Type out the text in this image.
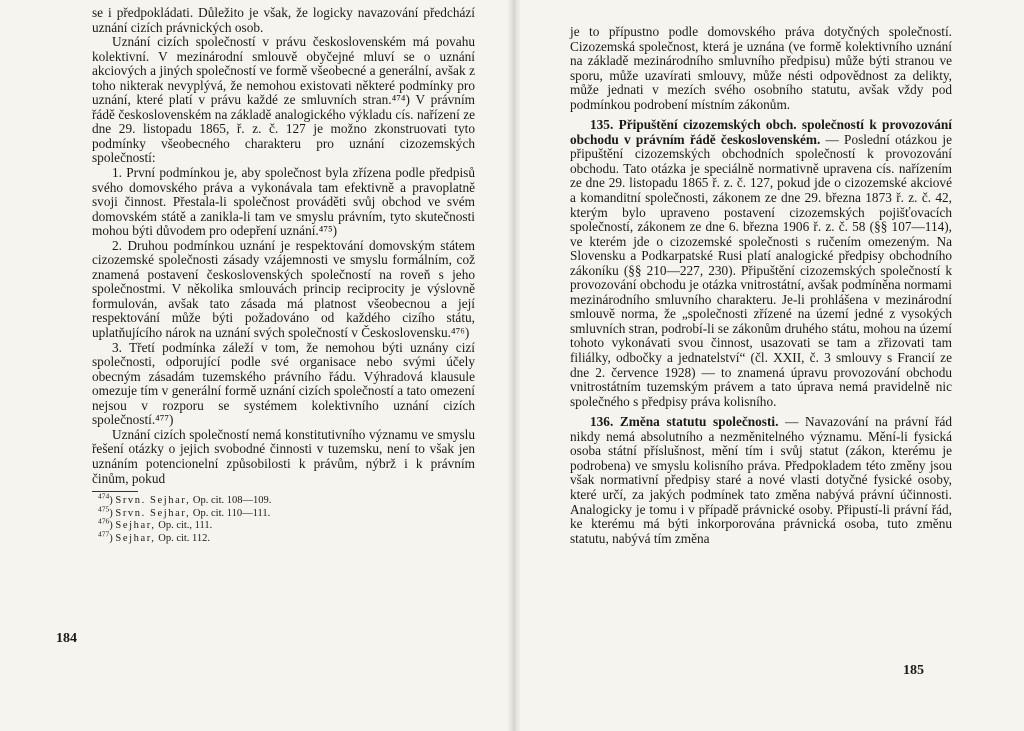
se i předpokládati. Důležito je však, že logicky navazování předchází uznání cizích právnických osob.

Uznání cizích společností v právu československém má povahu kolektivní. V mezinárodní smlouvě obyčejné mluví se o uznání akciových a jiných společností ve formě všeobecné a generální, avšak z toho nikterak nevyplývá, že nemohou existovati některé podmínky pro uznání, které platí v právu každé ze smluvních stran.⁴⁷⁴) V právním řádě československém na základě analogického výkladu cís. nařízení ze dne 29. listopadu 1865, ř. z. č. 127 je možno zkonstruovati tyto podmínky všeobecného charakteru pro uznání cizozemských společností:

1. První podmínkou je, aby společnost byla zřízena podle předpisů svého domovského práva a vykonávala tam efektivně a pravoplatně svoji činnost. Přestala-li společnost prováděti svůj obchod ve svém domovském státě a zanikla-li tam ve smyslu právním, tyto skutečnosti mohou býti důvodem pro odepření uznání.⁴⁷⁵)

2. Druhou podmínkou uznání je respektování domovským státem cizozemské společnosti zásady vzájemnosti ve smyslu formálním, což znamená postavení československých společností na roveň s jeho společnostmi. V několika smlouvách princip reciprocity je výslovně formulován, avšak tato zásada má platnost všeobecnou a její respektování může býti požadováno od každého cizího státu, uplatňujícího nárok na uznání svých společností v Československu.⁴⁷⁶)

3. Třetí podmínka záleží v tom, že nemohou býti uznány cizí společnosti, odporující podle své organisace nebo svými účely obecným zásadám tuzemského právního řádu. Výhradová klausule omezuje tím v generální formě uznání cizích společností a tato omezení nejsou v rozporu se systémem kolektivního uznání cizích společností.⁴⁷⁷)

Uznání cizích společností nemá konstitutivního významu ve smyslu řešení otázky o jejich svobodné činnosti v tuzemsku, není to však jen uznáním potencionelní způsobilosti k právům, nýbrž i k právním činům, pokud

$^{474}$) Srvn. Sejhar, Op. cit. 108—109.
$^{475}$) Srvn. Sejhar, Op. cit. 110—111.
$^{476}$) Sejhar, Op. cit., 111.
$^{477}$) Sejhar, Op. cit. 112.
184

je to přípustno podle domovského práva dotyčných společností. Cizozemská společnost, která je uznána (ve formě kolektivního uznání na základě mezinárodního smluvního předpisu) může býti stranou ve sporu, může uzavírati smlouvy, může nésti odpovědnost za delikty, může jednati v mezích svého osobního statutu, avšak vždy pod podmínkou podrobení místním zákonům.

135. Připuštění cizozemských obch. společností k provozování obchodu v právním řádě československém. — Poslední otázkou je připuštění cizozemských obchodních společností k provozování obchodu. Tato otázka je speciálně normativně upravena cís. nařízením ze dne 29. listopadu 1865 ř. z. č. 127, pokud jde o cizozemské akciové a komanditní společnosti, zákonem ze dne 29. března 1873 ř. z. č. 42, kterým bylo upraveno postavení cizozemských pojišťovacích společností, zákonem ze dne 6. března 1906 ř. z. č. 58 (§§ 107—114), ve kterém jde o cizozemské společnosti s ručením omezeným. Na Slovensku a Podkarpatské Rusi platí analogické předpisy obchodního zákoníku (§§ 210—227, 230). Připuštění cizozemských společností k provozování obchodu je otázka vnitrostátní, avšak podmíněna normami mezinárodního smluvního charakteru. Je-li prohlášena v mezinárodní smlouvě norma, že „společnosti zřízené na území jedné z vysokých smluvních stran, podrobí-li se zákonům druhého státu, mohou na území tohoto vykonávati svou činnost, usazovati se tam a zřizovati tam filiálky, odbočky a jednatelství“ (čl. XXII, č. 3 smlouvy s Francií ze dne 2. července 1928) — to znamená úpravu provozování obchodu vnitrostátním tuzemským právem a tato úprava nemá pravidelně nic společného s předpisy práva kolisního.

136. Změna statutu společnosti. — Navazování na právní řád nikdy nemá absolutního a nezměnitelného významu. Mění-li fysická osoba státní příslušnost, mění tím i svůj statut (zákon, kterému je podrobena) ve smyslu kolisního práva. Předpokladem této změny jsou však normativní předpisy staré a nové vlasti dotyčné fysické osoby, které určí, za jakých podmínek tato změna nabývá právní účinnosti. Analogicky je tomu i v případě právnické osoby. Připustí-li právní řád, ke kterému má býti inkorporována právnická osoba, tuto změnu statutu, nabývá tím změna

185
